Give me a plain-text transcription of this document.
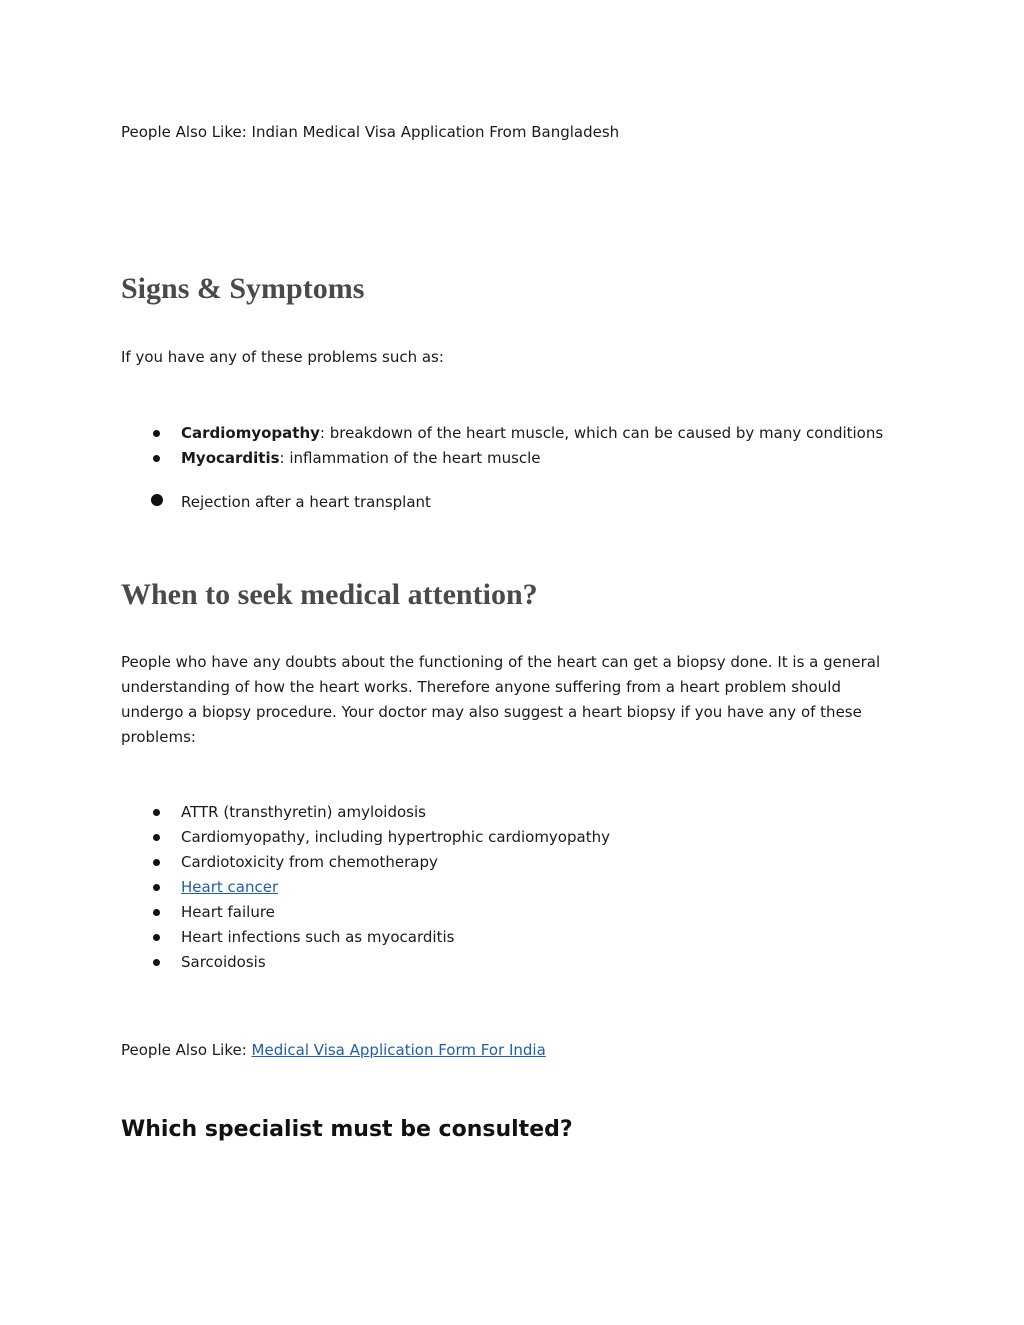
People Also Like: Indian Medical Visa Application From Bangladesh

Signs & Symptoms

If you have any of these problems such as:

Cardiomyopathy: breakdown of the heart muscle, which can be caused by many conditions
Myocarditis: inflammation of the heart muscle
Rejection after a heart transplant
When to seek medical attention?

People who have any doubts about the functioning of the heart can get a biopsy done. It is a general understanding of how the heart works. Therefore anyone suffering from a heart problem should undergo a biopsy procedure. Your doctor may also suggest a heart biopsy if you have any of these problems:

ATTR (transthyretin) amyloidosis
Cardiomyopathy, including hypertrophic cardiomyopathy
Cardiotoxicity from chemotherapy
Heart cancer
Heart failure
Heart infections such as myocarditis
Sarcoidosis

People Also Like: Medical Visa Application Form For India

Which specialist must be consulted?
